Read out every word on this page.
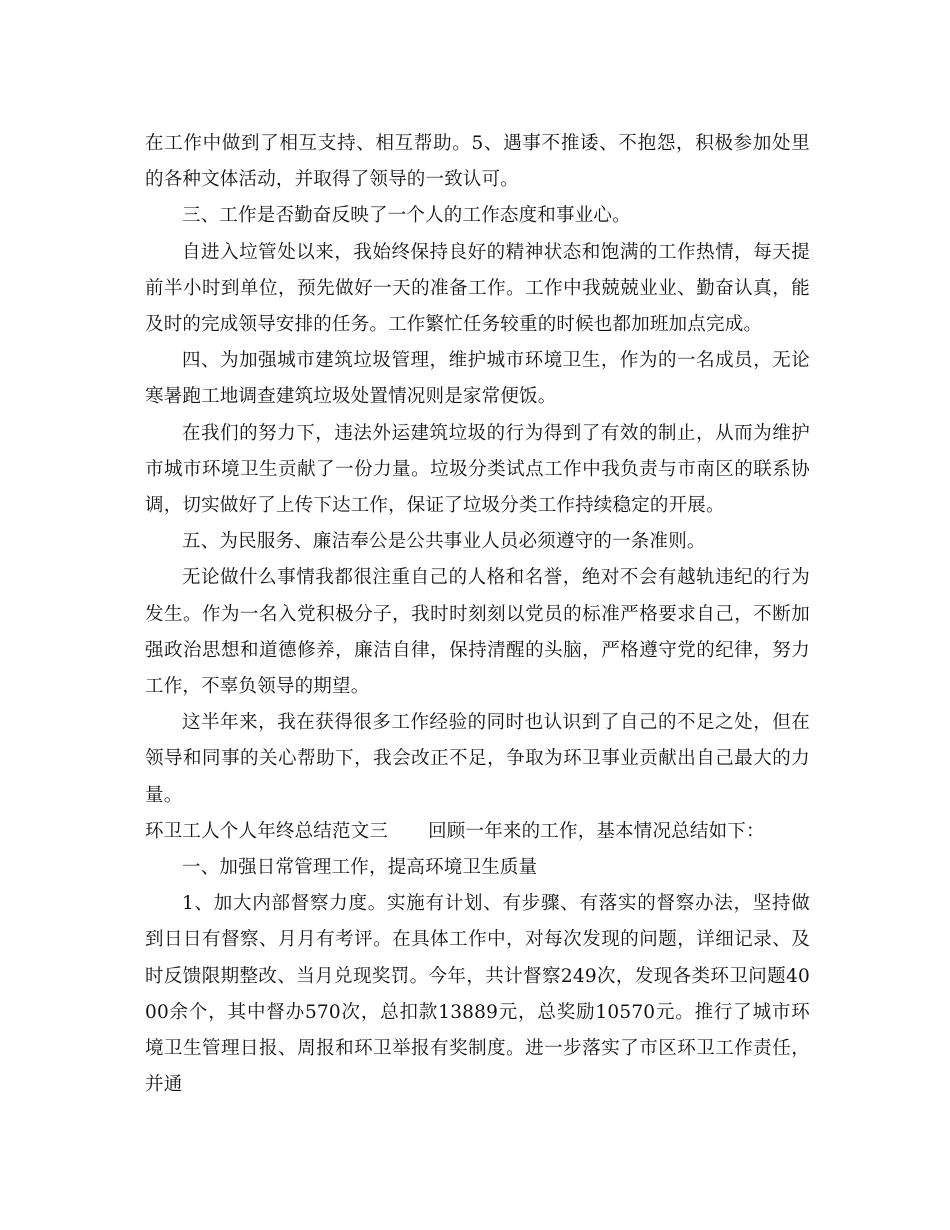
在工作中做到了相互支持、相互帮助。5、遇事不推诿、不抱怨，积极参加处里的各种文体活动，并取得了领导的一致认可。

三、工作是否勤奋反映了一个人的工作态度和事业心。

自进入垃管处以来，我始终保持良好的精神状态和饱满的工作热情，每天提前半小时到单位，预先做好一天的准备工作。工作中我兢兢业业、勤奋认真，能及时的完成领导安排的任务。工作繁忙任务较重的时候也都加班加点完成。

四、为加强城市建筑垃圾管理，维护城市环境卫生，作为的一名成员，无论寒暑跑工地调查建筑垃圾处置情况则是家常便饭。

在我们的努力下，违法外运建筑垃圾的行为得到了有效的制止，从而为维护市城市环境卫生贡献了一份力量。垃圾分类试点工作中我负责与市南区的联系协调，切实做好了上传下达工作，保证了垃圾分类工作持续稳定的开展。

五、为民服务、廉洁奉公是公共事业人员必须遵守的一条准则。

无论做什么事情我都很注重自己的人格和名誉，绝对不会有越轨违纪的行为发生。作为一名入党积极分子，我时时刻刻以党员的标准严格要求自己，不断加强政治思想和道德修养，廉洁自律，保持清醒的头脑，严格遵守党的纪律，努力工作，不辜负领导的期望。

这半年来，我在获得很多工作经验的同时也认识到了自己的不足之处，但在领导和同事的关心帮助下，我会改正不足，争取为环卫事业贡献出自己最大的力量。

环卫工人个人年终总结范文三 回顾一年来的工作，基本情况总结如下：

一、加强日常管理工作，提高环境卫生质量

1、加大内部督察力度。实施有计划、有步骤、有落实的督察办法，坚持做到日日有督察、月月有考评。在具体工作中，对每次发现的问题，详细记录、及时反馈限期整改、当月兑现奖罚。今年，共计督察249次，发现各类环卫问题4000余个，其中督办570次，总扣款13889元，总奖励10570元。推行了城市环境卫生管理日报、周报和环卫举报有奖制度。进一步落实了市区环卫工作责任，并通
